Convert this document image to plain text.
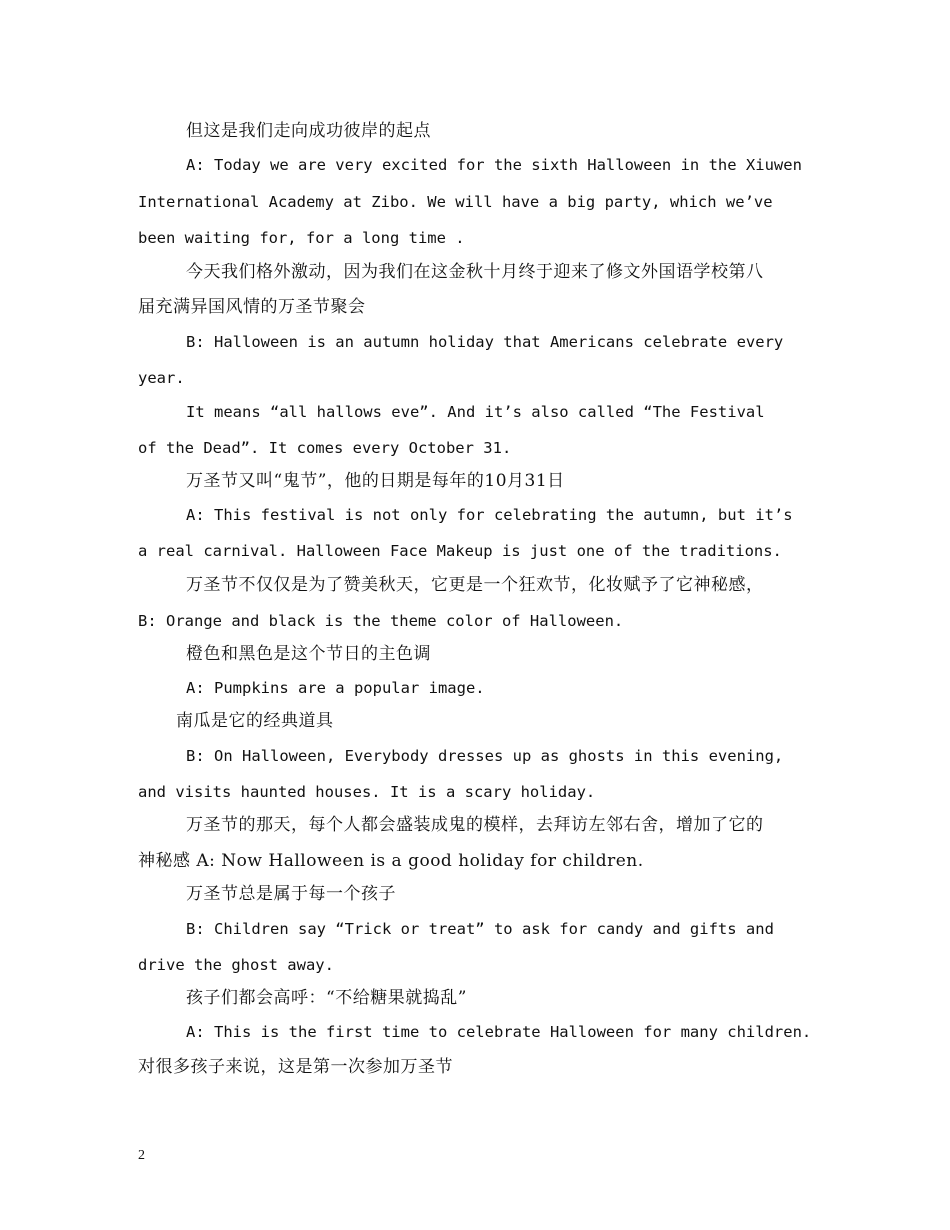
但这是我们走向成功彼岸的起点
A: Today we are very excited for the sixth Halloween in the Xiuwen
International Academy at Zibo. We will have a big party, which we’ve
been waiting for, for a long time .
今天我们格外激动，因为我们在这金秋十月终于迎来了修文外国语学校第八
届充满异国风情的万圣节聚会
B: Halloween is an autumn holiday that Americans celebrate every
year.
It means “all hallows eve”. And it’s also called “The Festival
of the Dead”. It comes every October 31.
万圣节又叫“鬼节”，他的日期是每年的10月31日
A: This festival is not only for celebrating the autumn, but it’s
a real carnival. Halloween Face Makeup is just one of the traditions.
万圣节不仅仅是为了赞美秋天，它更是一个狂欢节，化妆赋予了它神秘感，
B: Orange and black is the theme color of Halloween.
橙色和黑色是这个节日的主色调
A: Pumpkins are a popular image.
南瓜是它的经典道具
B: On Halloween, Everybody dresses up as ghosts in this evening,
and visits haunted houses. It is a scary holiday.
万圣节的那天，每个人都会盛装成鬼的模样，去拜访左邻右舍，增加了它的
神秘感 A: Now Halloween is a good holiday for children.
万圣节总是属于每一个孩子
B: Children say “Trick or treat” to ask for candy and gifts and
drive the ghost away.
孩子们都会高呼：“不给糖果就捣乱”
A: This is the first time to celebrate Halloween for many children.
对很多孩子来说，这是第一次参加万圣节
2
